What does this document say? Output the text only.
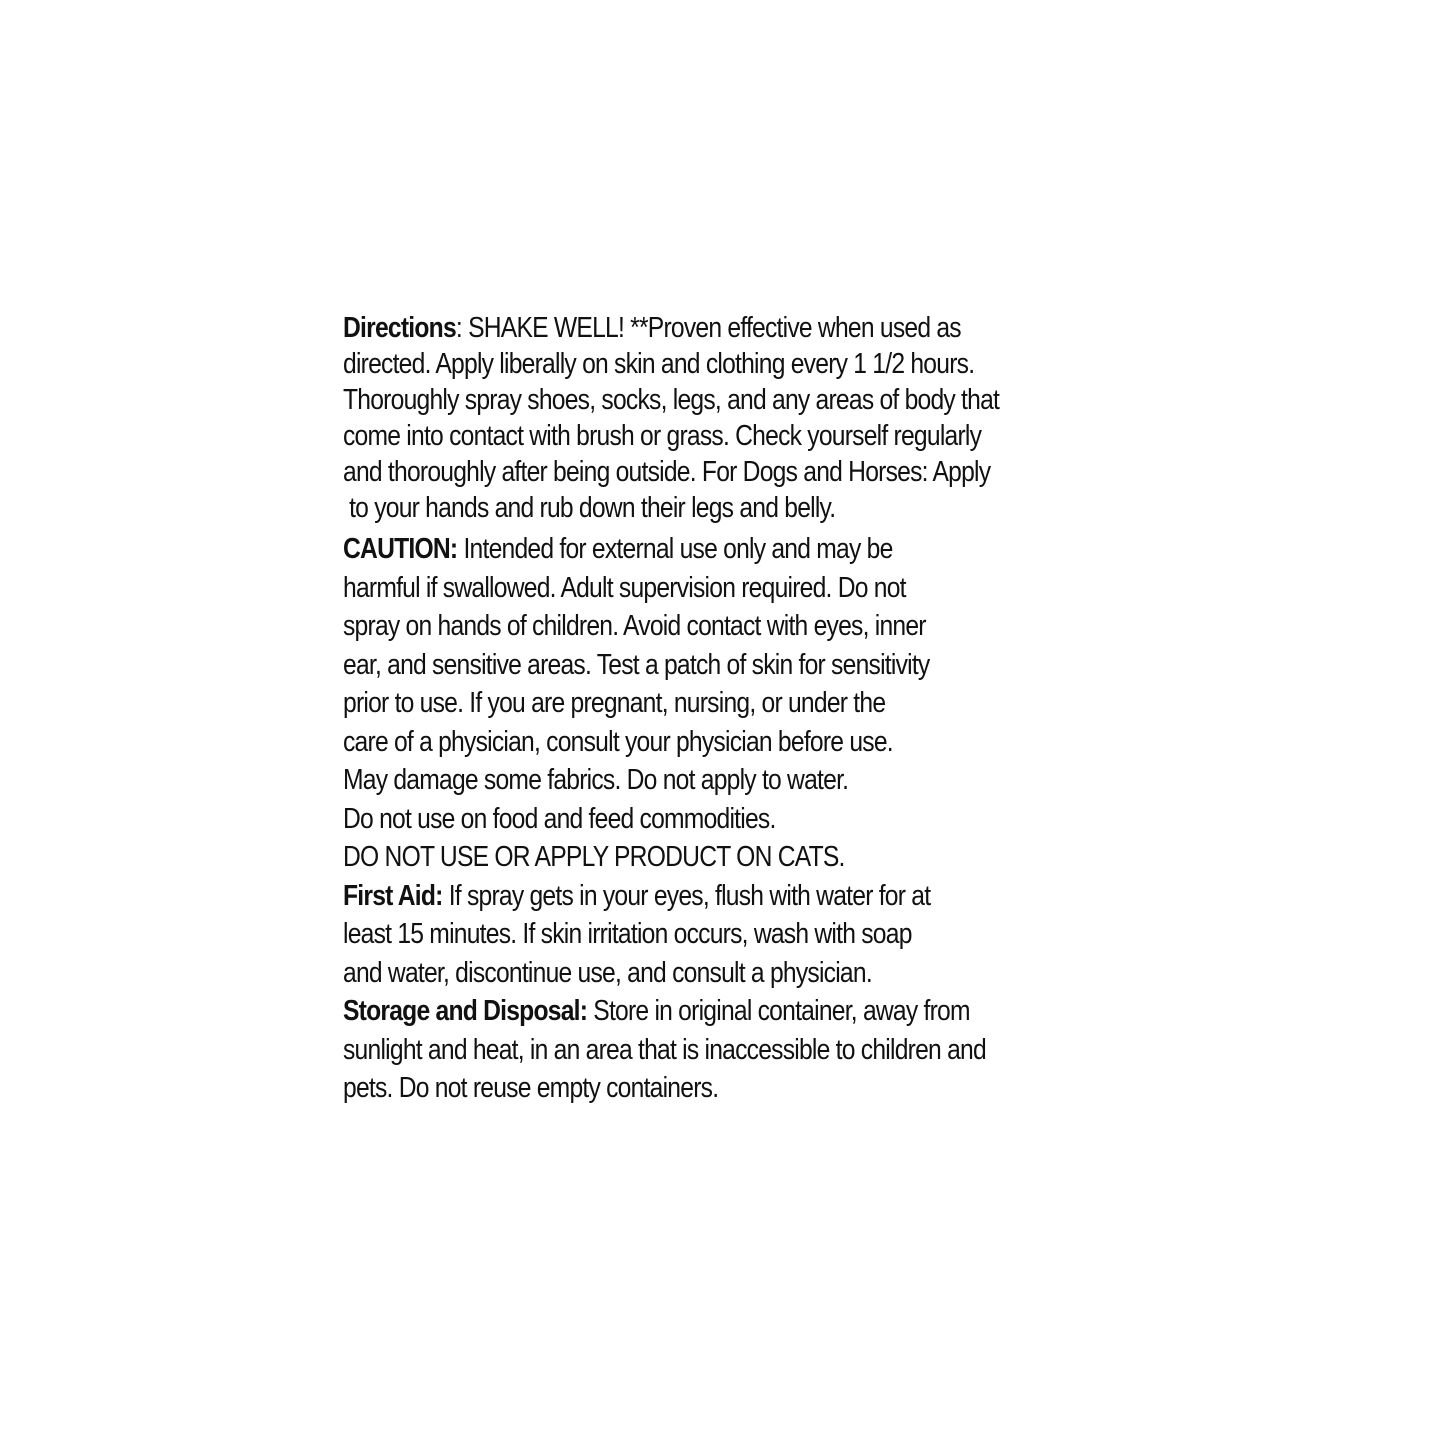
Directions: SHAKE WELL! **Proven effective when used as
directed. Apply liberally on skin and clothing every 1 1/2 hours.
Thoroughly spray shoes, socks, legs, and any areas of body that
come into contact with brush or grass. Check yourself regularly
and thoroughly after being outside. For Dogs and Horses: Apply
to your hands and rub down their legs and belly.
CAUTION: Intended for external use only and may be
harmful if swallowed. Adult supervision required. Do not
spray on hands of children. Avoid contact with eyes, inner
ear, and sensitive areas. Test a patch of skin for sensitivity
prior to use. If you are pregnant, nursing, or under the
care of a physician, consult your physician before use.
May damage some fabrics. Do not apply to water.
Do not use on food and feed commodities.
DO NOT USE OR APPLY PRODUCT ON CATS.
First Aid: If spray gets in your eyes, flush with water for at
least 15 minutes. If skin irritation occurs, wash with soap
and water, discontinue use, and consult a physician.
Storage and Disposal: Store in original container, away from
sunlight and heat, in an area that is inaccessible to children and
pets. Do not reuse empty containers.
